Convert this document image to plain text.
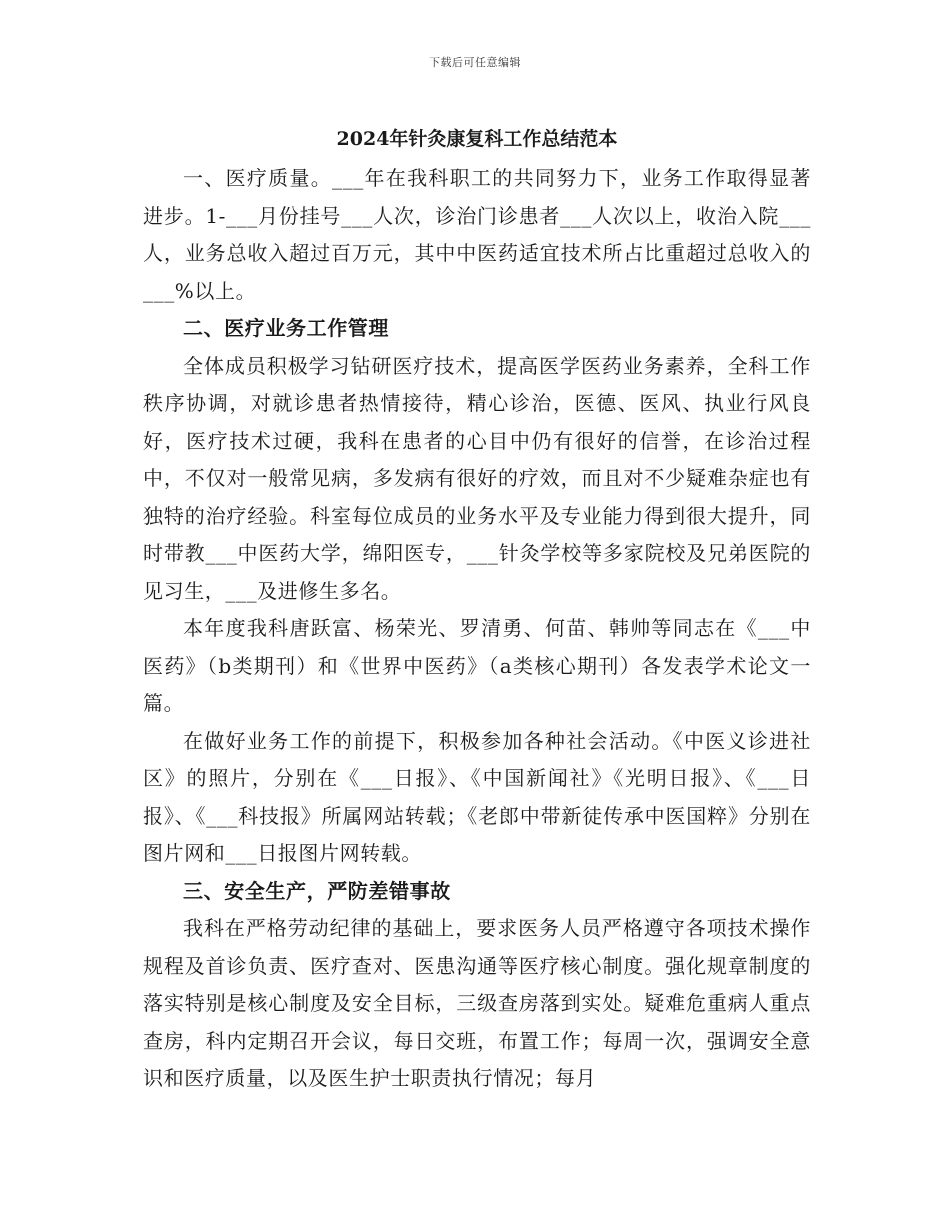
下载后可任意编辑
2024年针灸康复科工作总结范本

一、医疗质量。___年在我科职工的共同努力下，业务工作取得显著进步。1-___月份挂号___人次，诊治门诊患者___人次以上，收治入院___人，业务总收入超过百万元，其中中医药适宜技术所占比重超过总收入的___%以上。

二、医疗业务工作管理

全体成员积极学习钻研医疗技术，提高医学医药业务素养，全科工作秩序协调，对就诊患者热情接待，精心诊治，医德、医风、执业行风良好，医疗技术过硬，我科在患者的心目中仍有很好的信誉，在诊治过程中，不仅对一般常见病，多发病有很好的疗效，而且对不少疑难杂症也有独特的治疗经验。科室每位成员的业务水平及专业能力得到很大提升，同时带教___中医药大学，绵阳医专，___针灸学校等多家院校及兄弟医院的见习生，___及进修生多名。

本年度我科唐跃富、杨荣光、罗清勇、何苗、韩帅等同志在《___中医药》（b类期刊）和《世界中医药》（a类核心期刊）各发表学术论文一篇。

在做好业务工作的前提下，积极参加各种社会活动。《中医义诊进社区》的照片，分别在《___日报》、《中国新闻社》《光明日报》、《___日报》、《___科技报》所属网站转载；《老郎中带新徒传承中医国粹》分别在图片网和___日报图片网转载。

三、安全生产，严防差错事故

我科在严格劳动纪律的基础上，要求医务人员严格遵守各项技术操作规程及首诊负责、医疗查对、医患沟通等医疗核心制度。强化规章制度的落实特别是核心制度及安全目标，三级查房落到实处。疑难危重病人重点查房，科内定期召开会议，每日交班，布置工作；每周一次，强调安全意识和医疗质量，以及医生护士职责执行情况；每月
